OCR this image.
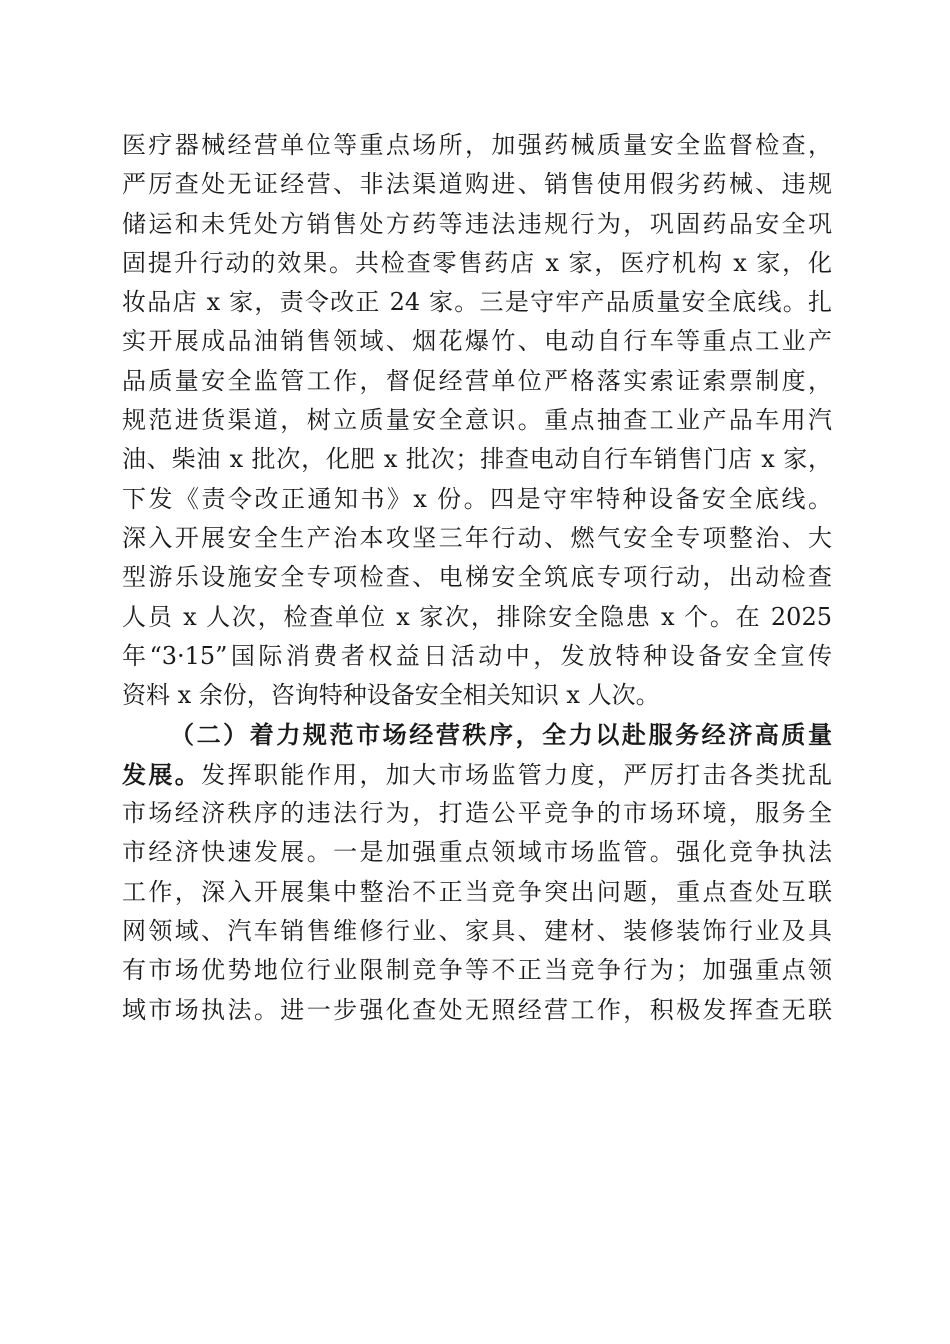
医疗器械经营单位等重点场所，加强药械质量安全监督检查，
严厉查处无证经营、非法渠道购进、销售使用假劣药械、违规
储运和未凭处方销售处方药等违法违规行为，巩固药品安全巩
固提升行动的效果。共检查零售药店 x 家，医疗机构 x 家，化
妆品店 x 家，责令改正 24 家。三是守牢产品质量安全底线。扎
实开展成品油销售领域、烟花爆竹、电动自行车等重点工业产
品质量安全监管工作，督促经营单位严格落实索证索票制度，
规范进货渠道，树立质量安全意识。重点抽查工业产品车用汽
油、柴油 x 批次，化肥 x 批次；排查电动自行车销售门店 x 家，
下发《责令改正通知书》x 份。四是守牢特种设备安全底线。
深入开展安全生产治本攻坚三年行动、燃气安全专项整治、大
型游乐设施安全专项检查、电梯安全筑底专项行动，出动检查
人员 x 人次，检查单位 x 家次，排除安全隐患 x 个。在 2025
年“3·15”国际消费者权益日活动中，发放特种设备安全宣传
资料 x 余份，咨询特种设备安全相关知识 x 人次。
（二）着力规范市场经营秩序，全力以赴服务经济高质量
发展。发挥职能作用，加大市场监管力度，严厉打击各类扰乱
市场经济秩序的违法行为，打造公平竞争的市场环境，服务全
市经济快速发展。一是加强重点领域市场监管。强化竞争执法
工作，深入开展集中整治不正当竞争突出问题，重点查处互联
网领域、汽车销售维修行业、家具、建材、装修装饰行业及具
有市场优势地位行业限制竞争等不正当竞争行为；加强重点领
域市场执法。进一步强化查处无照经营工作，积极发挥查无联
